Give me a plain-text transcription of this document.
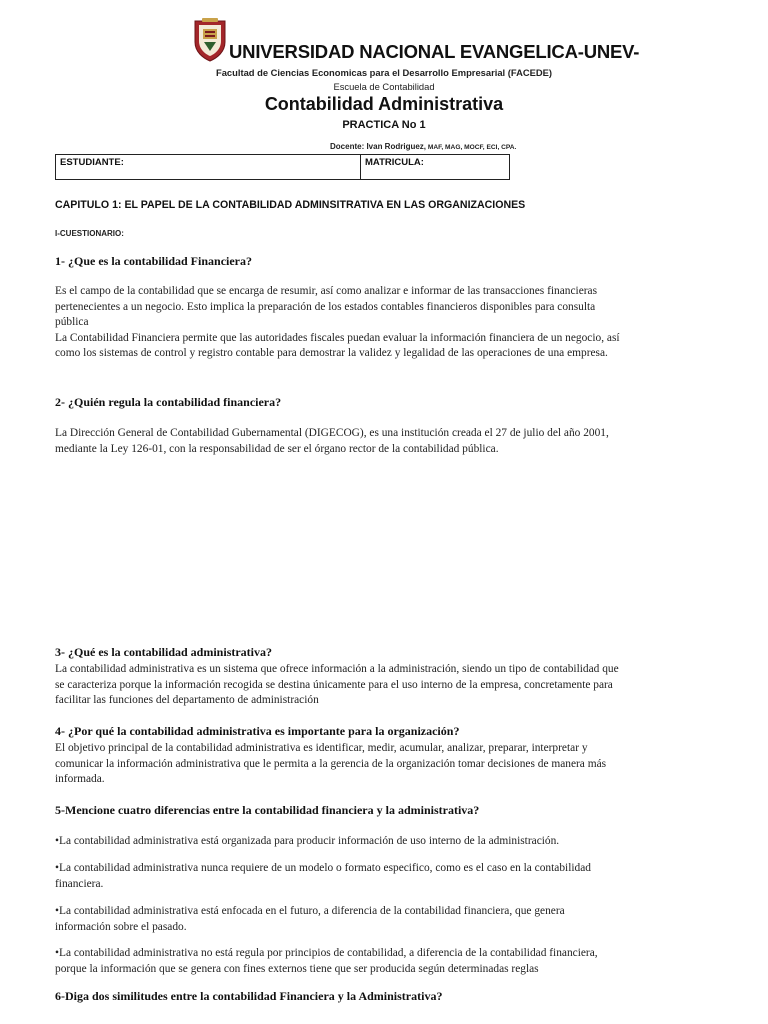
UNIVERSIDAD NACIONAL EVANGELICA-UNEV-
Facultad de Ciencias Economicas para el Desarrollo Empresarial (FACEDE)
Escuela de Contabilidad
Contabilidad Administrativa
PRACTICA No 1
Docente: Ivan Rodriguez, MAF, MAG, MOCF, ECI, CPA.
ESTUDIANTE:	MATRICULA:
CAPITULO 1: EL PAPEL DE LA CONTABILIDAD ADMINSITRATIVA EN LAS ORGANIZACIONES
I-CUESTIONARIO:
1- ¿Que es la contabilidad Financiera?
Es el campo de la contabilidad que se encarga de resumir, así como analizar e informar de las transacciones financieras
pertenecientes a un negocio. Esto implica la preparación de los estados contables financieros disponibles para consulta
pública
La Contabilidad Financiera permite que las autoridades fiscales puedan evaluar la información financiera de un negocio, así
como los sistemas de control y registro contable para demostrar la validez y legalidad de las operaciones de una empresa.
2- ¿Quién regula la contabilidad financiera?
La Dirección General de Contabilidad Gubernamental (DIGECOG), es una institución creada el 27 de julio del año 2001,
mediante la Ley 126-01, con la responsabilidad de ser el órgano rector de la contabilidad pública.
3- ¿Qué es la contabilidad administrativa?
La contabilidad administrativa es un sistema que ofrece información a la administración, siendo un tipo de contabilidad que
se caracteriza porque la información recogida se destina únicamente para el uso interno de la empresa, concretamente para
facilitar las funciones del departamento de administración
4- ¿Por qué la contabilidad administrativa es importante para la organización?
El objetivo principal de la contabilidad administrativa es identificar, medir, acumular, analizar, preparar, interpretar y
comunicar la información administrativa que le permita a la gerencia de la organización tomar decisiones de manera más
informada.
5-Mencione cuatro diferencias entre la contabilidad financiera y la administrativa?
•La contabilidad administrativa está organizada para producir información de uso interno de la administración.
•La contabilidad administrativa nunca requiere de un modelo o formato especifico, como es el caso en la contabilidad
financiera.
•La contabilidad administrativa está enfocada en el futuro, a diferencia de la contabilidad financiera, que genera
información sobre el pasado.
•La contabilidad administrativa no está regula por principios de contabilidad, a diferencia de la contabilidad financiera,
porque la información que se genera con fines externos tiene que ser producida según determinadas reglas
6-Diga dos similitudes entre la contabilidad Financiera y la Administrativa?
